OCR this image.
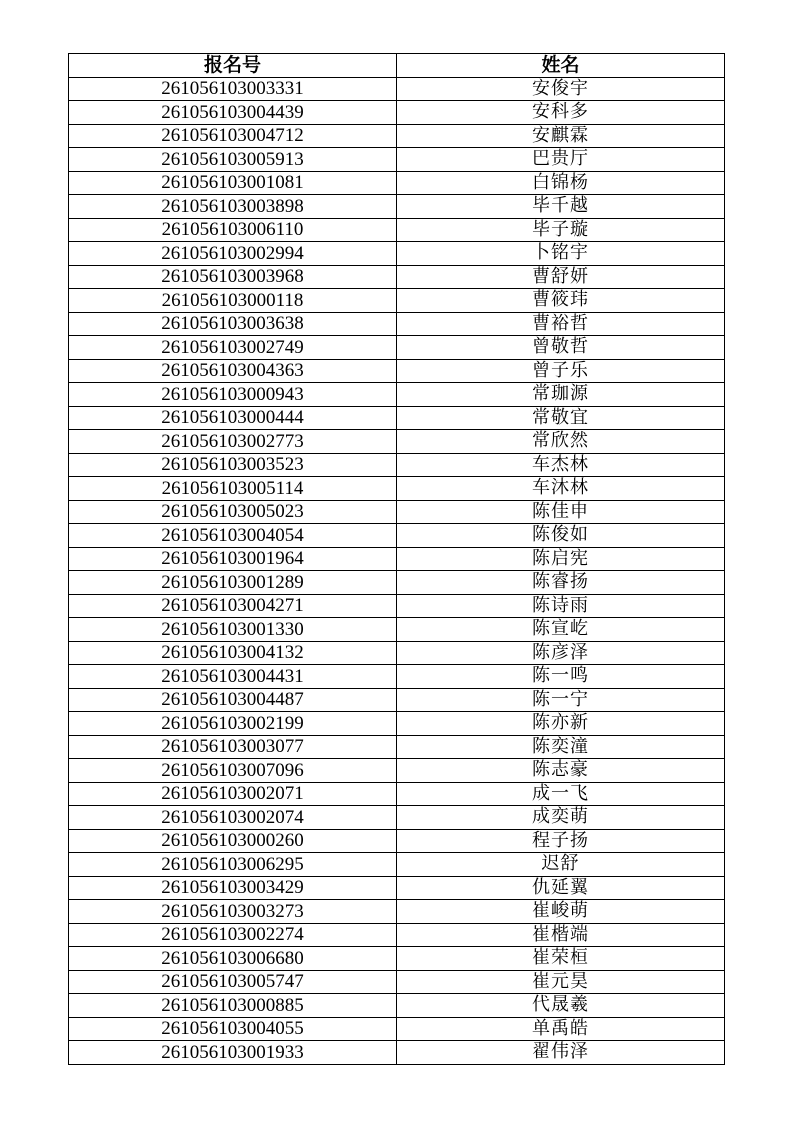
报名号	姓名
261056103003331	安俊宇
261056103004439	安科多
261056103004712	安麒霖
261056103005913	巴贵厅
261056103001081	白锦杨
261056103003898	毕千越
261056103006110	毕子璇
261056103002994	卜铭宇
261056103003968	曹舒妍
261056103000118	曹筱玮
261056103003638	曹裕哲
261056103002749	曾敬哲
261056103004363	曾子乐
261056103000943	常珈源
261056103000444	常敬宜
261056103002773	常欣然
261056103003523	车杰林
261056103005114	车沐林
261056103005023	陈佳申
261056103004054	陈俊如
261056103001964	陈启宪
261056103001289	陈睿扬
261056103004271	陈诗雨
261056103001330	陈宣屹
261056103004132	陈彦泽
261056103004431	陈一鸣
261056103004487	陈一宁
261056103002199	陈亦新
261056103003077	陈奕潼
261056103007096	陈志豪
261056103002071	成一飞
261056103002074	成奕萌
261056103000260	程子扬
261056103006295	迟舒
261056103003429	仇延翼
261056103003273	崔峻萌
261056103002274	崔楷端
261056103006680	崔荣桓
261056103005747	崔元昊
261056103000885	代晟羲
261056103004055	单禹皓
261056103001933	翟伟泽
